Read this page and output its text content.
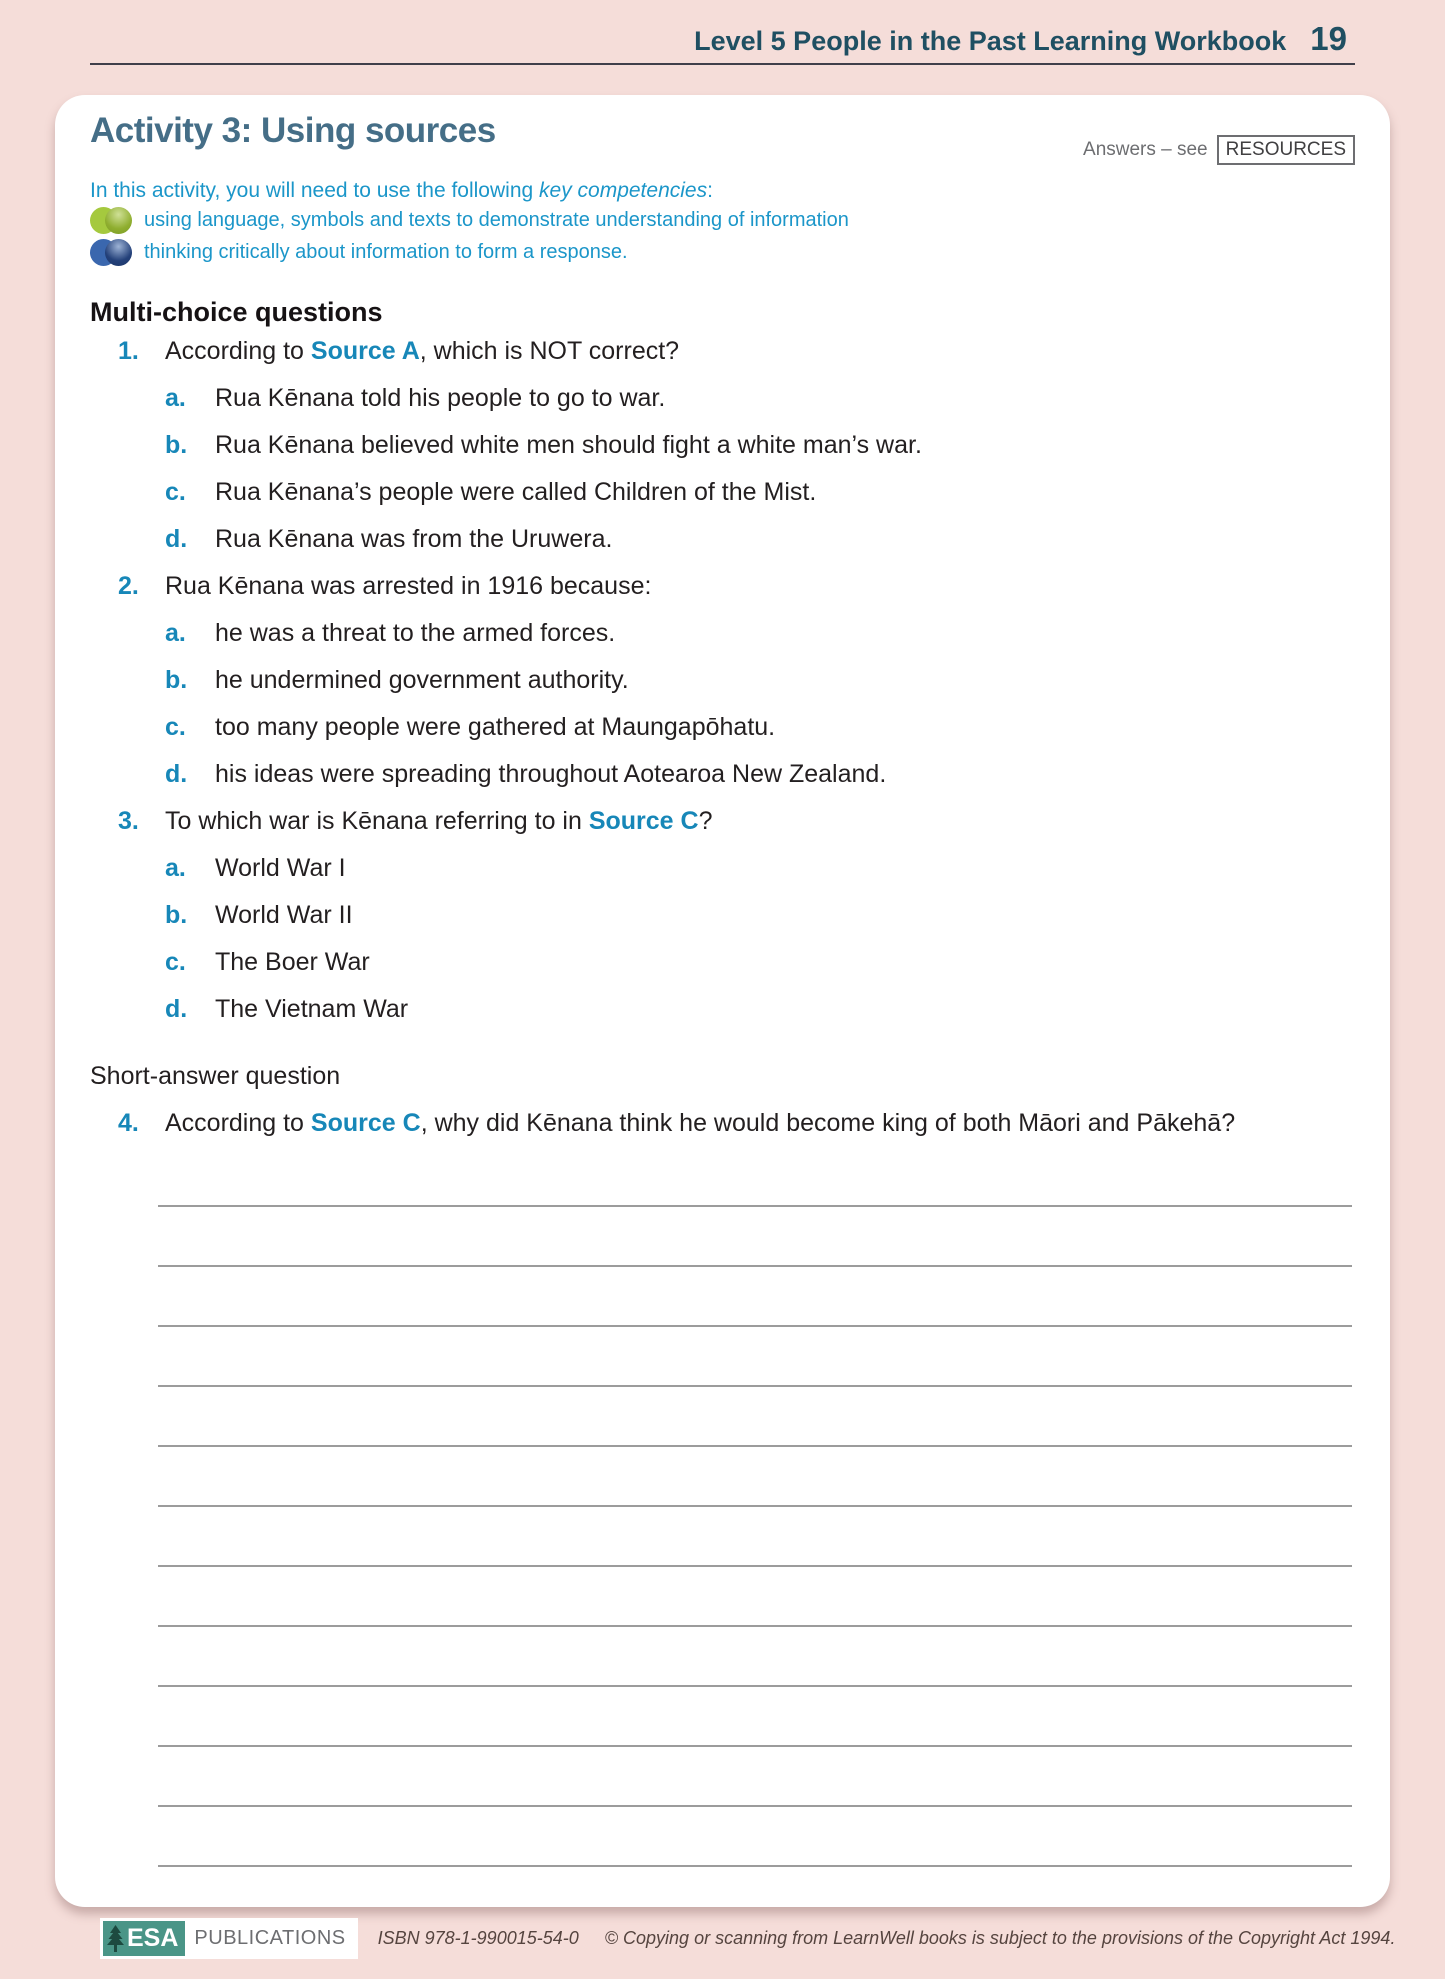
Level 5 People in the Past Learning Workbook 19
Activity 3: Using sources	Answers – see RESOURCES
In this activity, you will need to use the following key competencies:
using language, symbols and texts to demonstrate understanding of information
thinking critically about information to form a response.
Multi-choice questions
1.	According to Source A, which is NOT correct?
a.	Rua Kēnana told his people to go to war.
b.	Rua Kēnana believed white men should fight a white man’s war.
c.	Rua Kēnana’s people were called Children of the Mist.
d.	Rua Kēnana was from the Uruwera.
2.	Rua Kēnana was arrested in 1916 because:
a.	he was a threat to the armed forces.
b.	he undermined government authority.
c.	too many people were gathered at Maungapōhatu.
d.	his ideas were spreading throughout Aotearoa New Zealand.
3.	To which war is Kēnana referring to in Source C?
a.	World War I
b.	World War II
c.	The Boer War
d.	The Vietnam War
Short-answer question
4.	According to Source C, why did Kēnana think he would become king of both Māori and Pākehā?
ESA PUBLICATIONS	ISBN 978-1-990015-54-0 © Copying or scanning from LearnWell books is subject to the provisions of the Copyright Act 1994.
